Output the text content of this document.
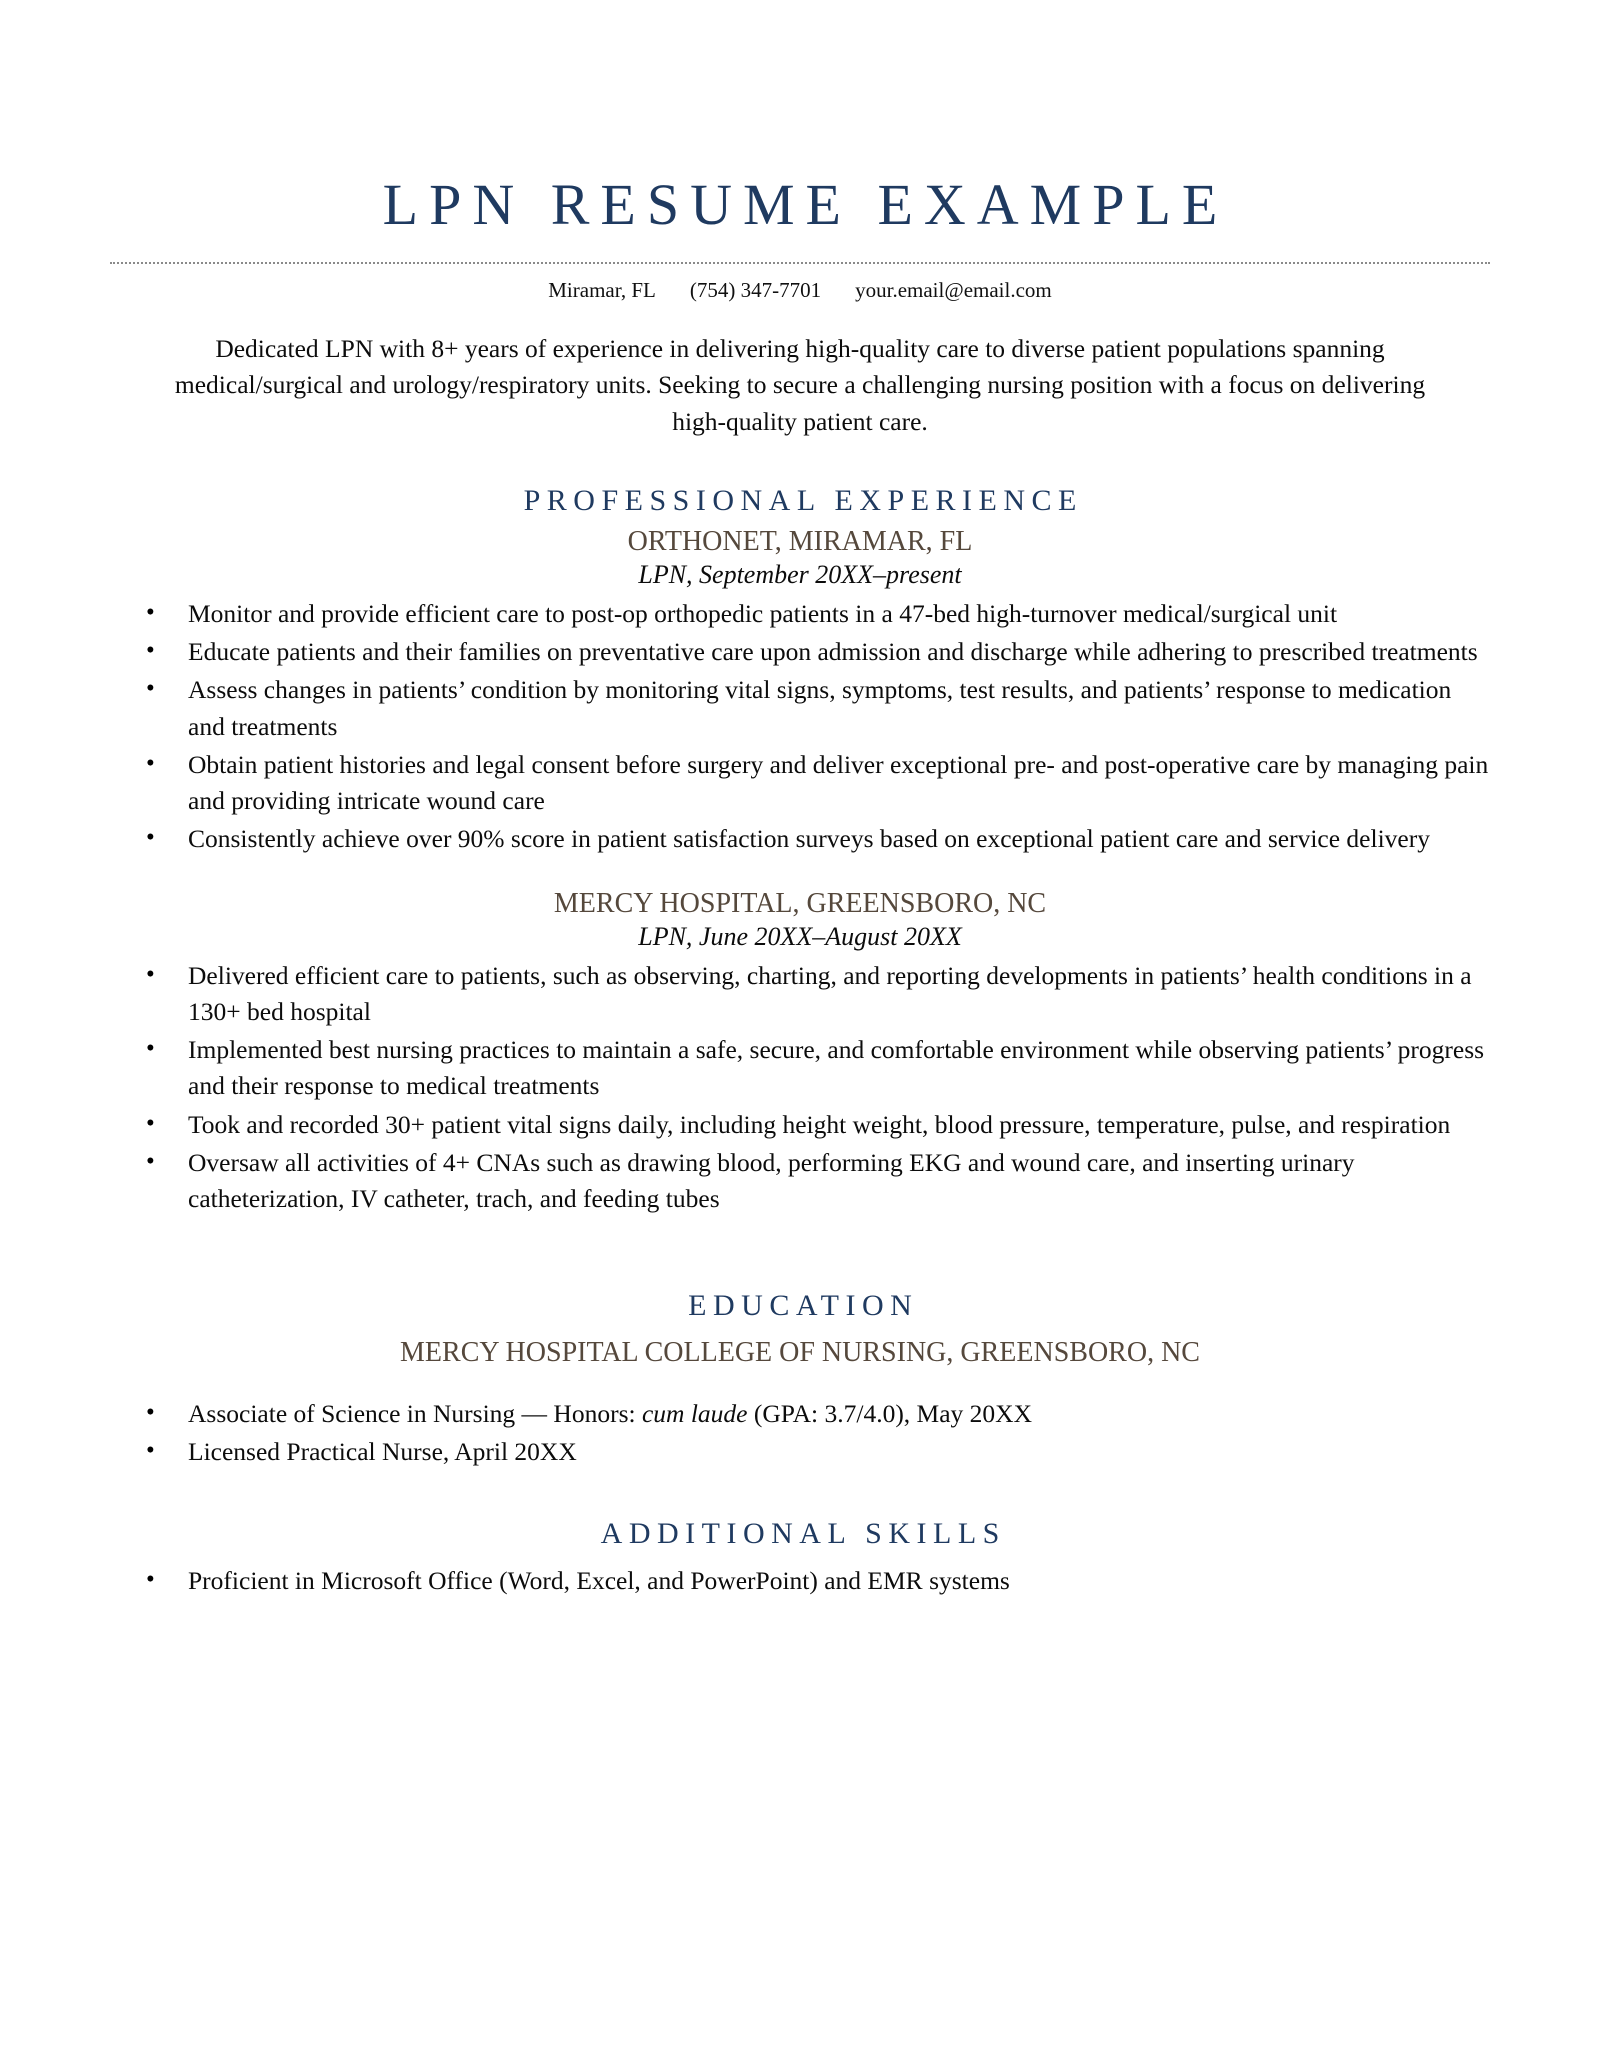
LPN RESUME EXAMPLE
Miramar, FL (754) 347-7701 your.email@email.com

Dedicated LPN with 8+ years of experience in delivering high-quality care to diverse patient populations spanning medical/surgical and urology/respiratory units. Seeking to secure a challenging nursing position with a focus on delivering high-quality patient care.

PROFESSIONAL EXPERIENCE
ORTHONET, MIRAMAR, FL
LPN, September 20XX–present
• Monitor and provide efficient care to post-op orthopedic patients in a 47-bed high-turnover medical/surgical unit
• Educate patients and their families on preventative care upon admission and discharge while adhering to prescribed treatments
• Assess changes in patients’ condition by monitoring vital signs, symptoms, test results, and patients’ response to medication and treatments
• Obtain patient histories and legal consent before surgery and deliver exceptional pre- and post-operative care by managing pain and providing intricate wound care
• Consistently achieve over 90% score in patient satisfaction surveys based on exceptional patient care and service delivery
MERCY HOSPITAL, GREENSBORO, NC
LPN, June 20XX–August 20XX
• Delivered efficient care to patients, such as observing, charting, and reporting developments in patients’ health conditions in a 130+ bed hospital
• Implemented best nursing practices to maintain a safe, secure, and comfortable environment while observing patients’ progress and their response to medical treatments
• Took and recorded 30+ patient vital signs daily, including height weight, blood pressure, temperature, pulse, and respiration
• Oversaw all activities of 4+ CNAs such as drawing blood, performing EKG and wound care, and inserting urinary catheterization, IV catheter, trach, and feeding tubes
EDUCATION
MERCY HOSPITAL COLLEGE OF NURSING, GREENSBORO, NC
• Associate of Science in Nursing — Honors: cum laude (GPA: 3.7/4.0), May 20XX
• Licensed Practical Nurse, April 20XX
ADDITIONAL SKILLS
• Proficient in Microsoft Office (Word, Excel, and PowerPoint) and EMR systems
